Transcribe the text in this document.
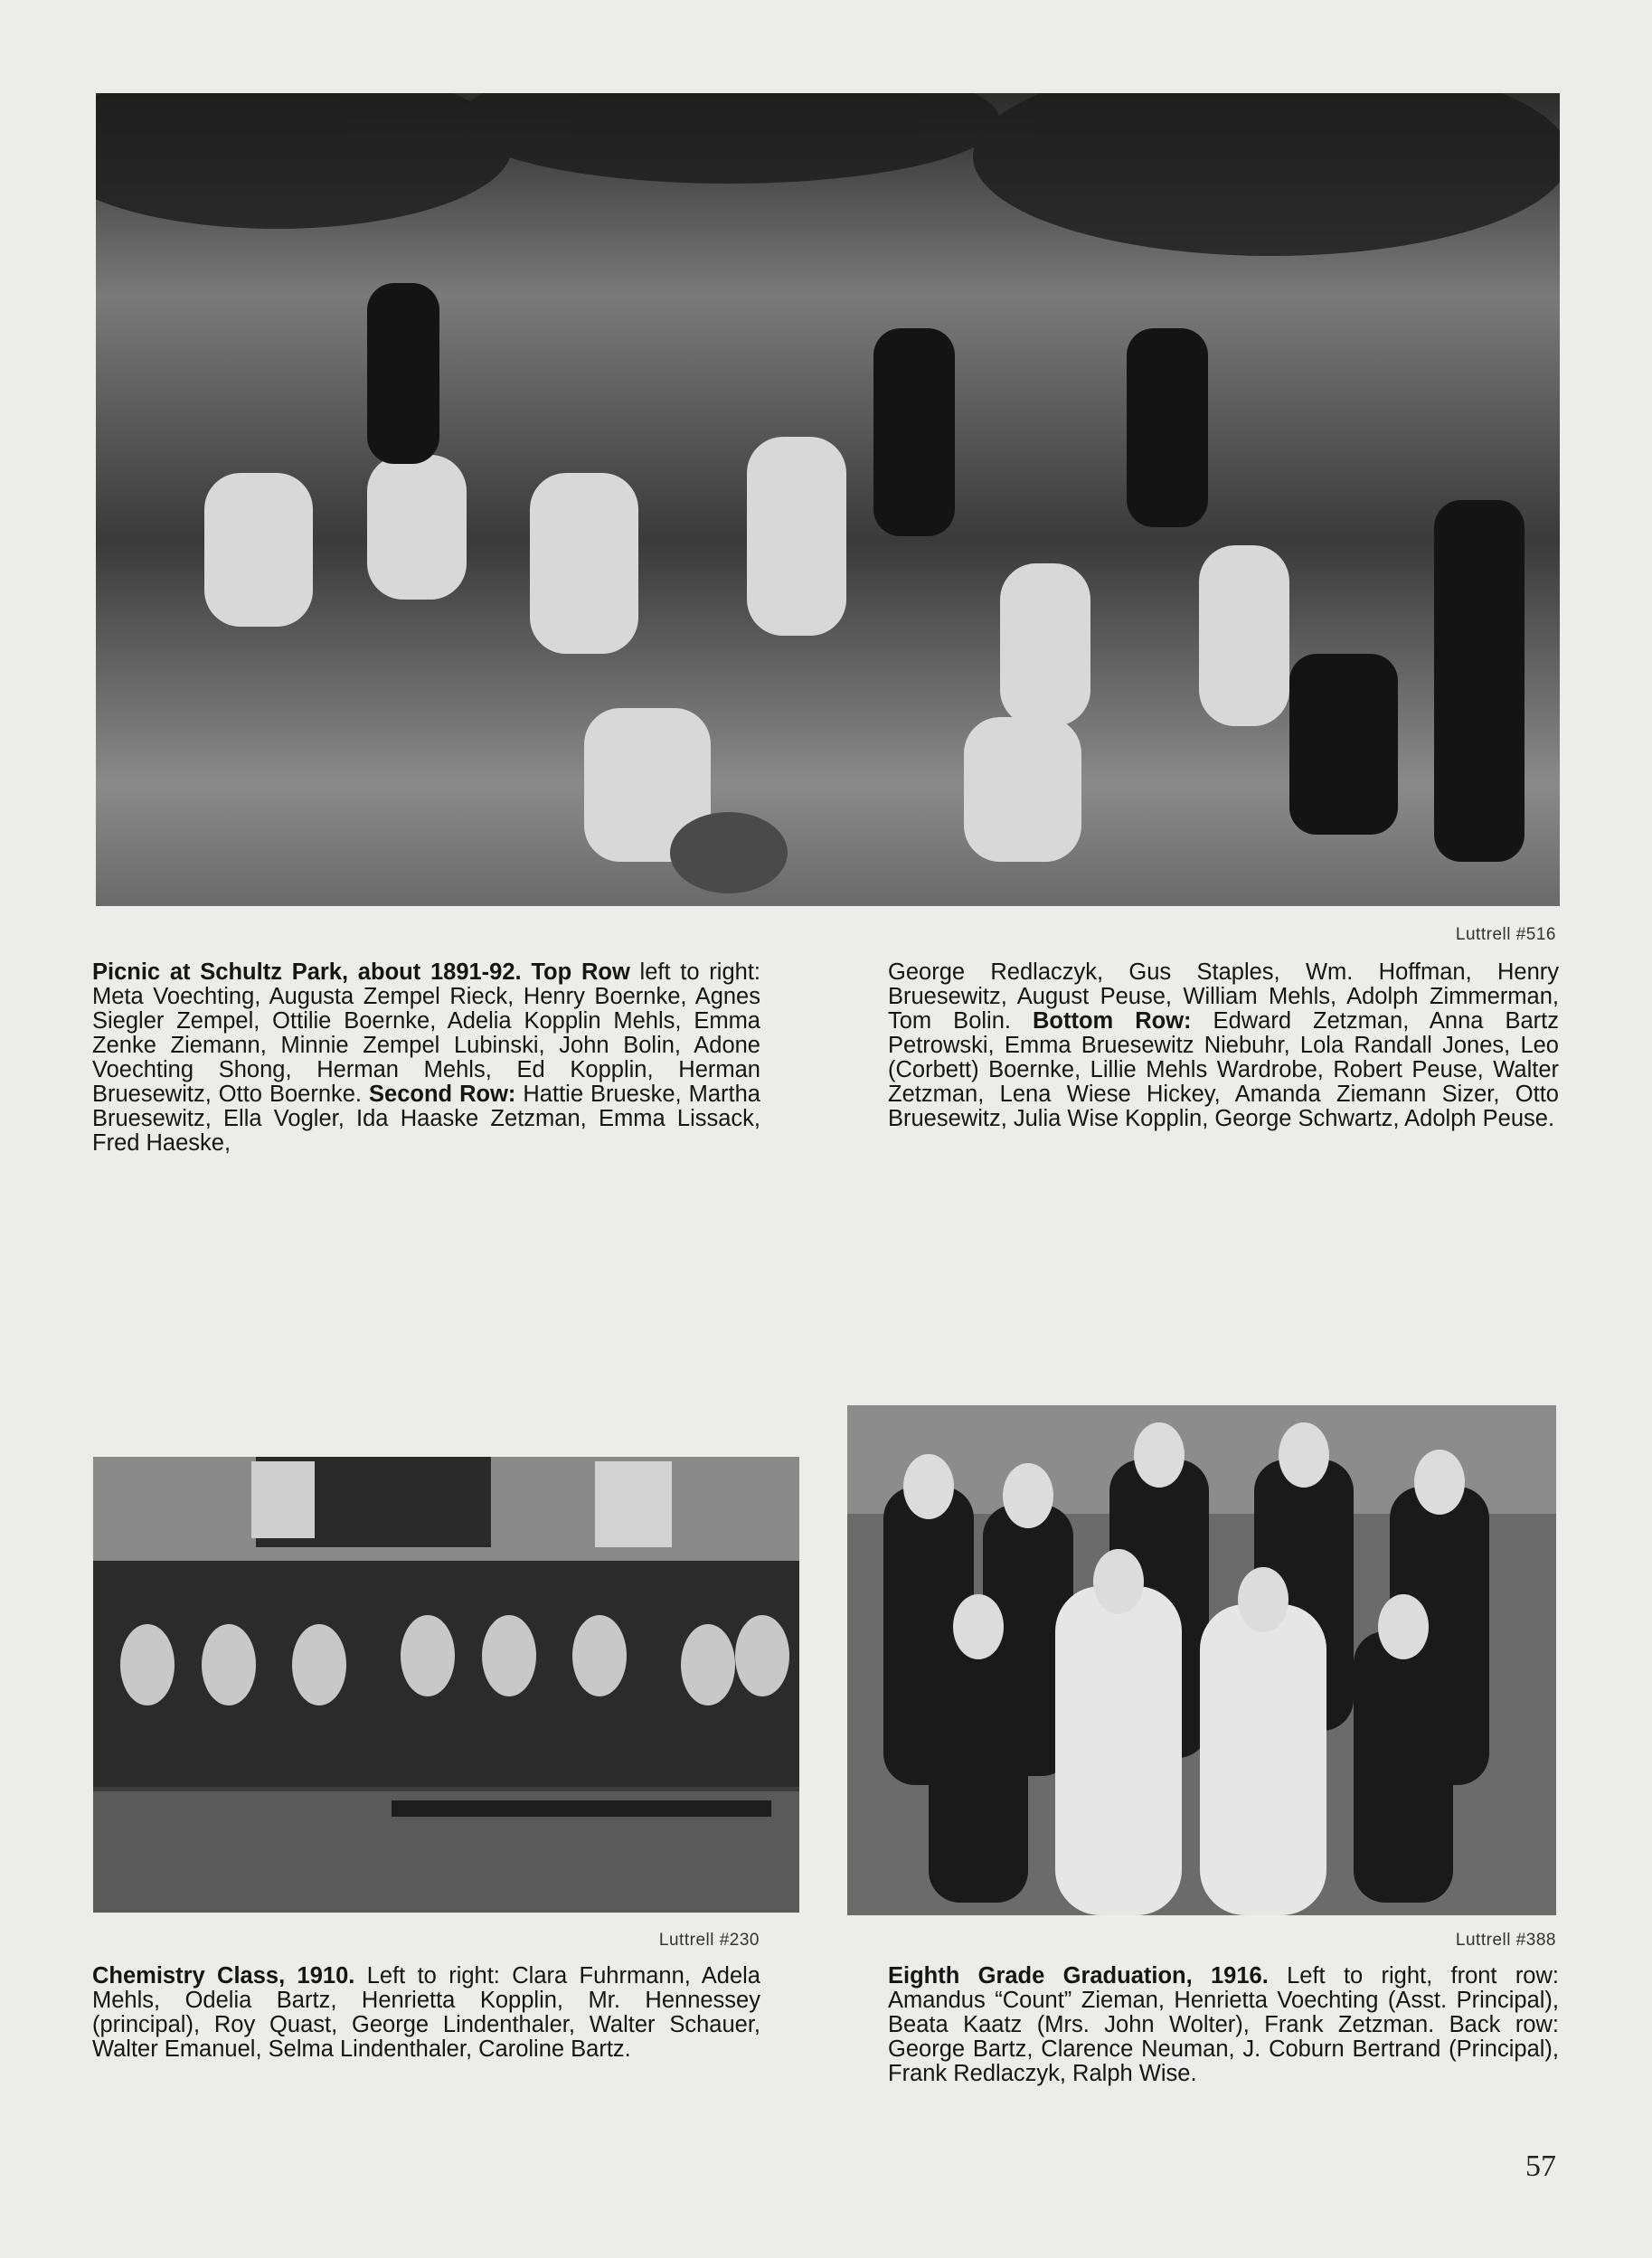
Luttrell #516
Picnic at Schultz Park, about 1891-92. Top Row left to right: Meta Voechting, Augusta Zempel Rieck, Henry Boernke, Agnes Siegler Zempel, Ottilie Boernke, Adelia Kopplin Mehls, Emma Zenke Ziemann, Minnie Zempel Lubinski, John Bolin, Adone Voechting Shong, Herman Mehls, Ed Kopplin, Herman Bruesewitz, Otto Boernke. Second Row: Hattie Brueske, Martha Bruesewitz, Ella Vogler, Ida Haaske Zetzman, Emma Lissack, Fred Haeske,
George Redlaczyk, Gus Staples, Wm. Hoffman, Henry Bruesewitz, August Peuse, William Mehls, Adolph Zimmerman, Tom Bolin. Bottom Row: Edward Zetzman, Anna Bartz Petrowski, Emma Bruesewitz Niebuhr, Lola Randall Jones, Leo (Corbett) Boernke, Lillie Mehls Wardrobe, Robert Peuse, Walter Zetzman, Lena Wiese Hickey, Amanda Ziemann Sizer, Otto Bruesewitz, Julia Wise Kopplin, George Schwartz, Adolph Peuse.
Luttrell #230
Chemistry Class, 1910. Left to right: Clara Fuhrmann, Adela Mehls, Odelia Bartz, Henrietta Kopplin, Mr. Hennessey (principal), Roy Quast, George Lindenthaler, Walter Schauer, Walter Emanuel, Selma Lindenthaler, Caroline Bartz.
Luttrell #388
Eighth Grade Graduation, 1916. Left to right, front row: Amandus “Count” Zieman, Henrietta Voechting (Asst. Principal), Beata Kaatz (Mrs. John Wolter), Frank Zetzman. Back row: George Bartz, Clarence Neuman, J. Coburn Bertrand (Principal), Frank Redlaczyk, Ralph Wise.
57
